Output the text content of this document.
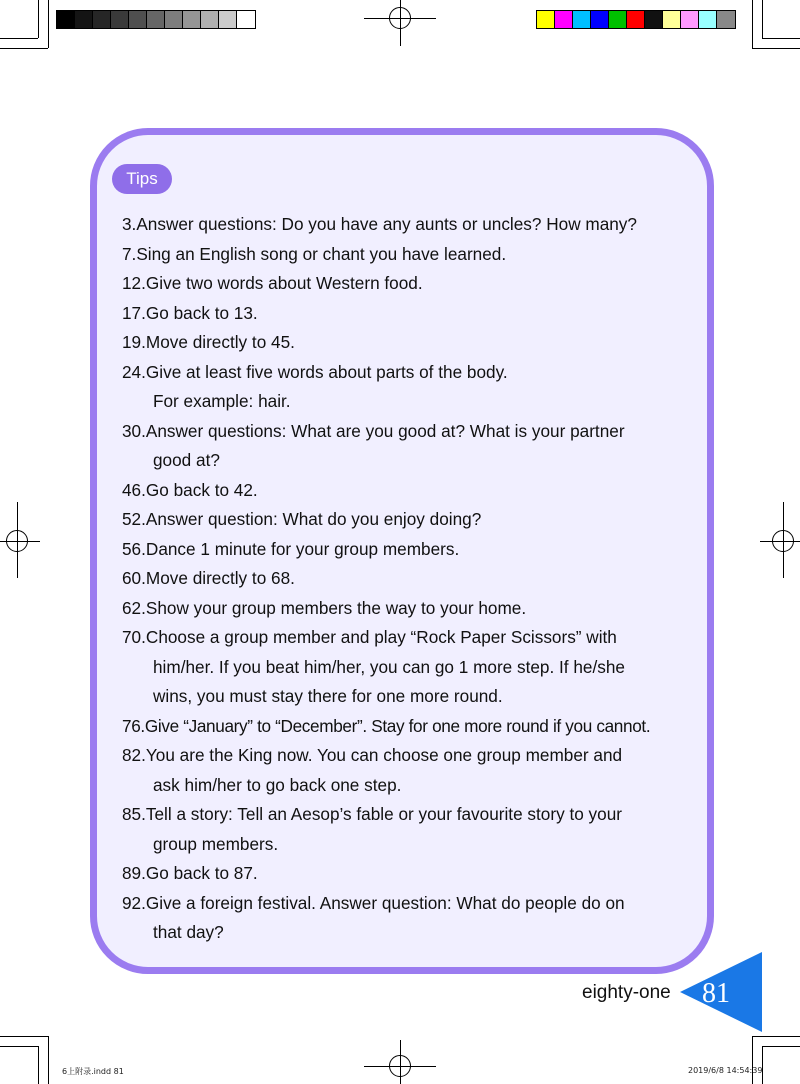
Tips
3. Answer questions: Do you have any aunts or uncles? How many?
7. Sing an English song or chant you have learned.
12. Give two words about Western food.
17. Go back to 13.
19. Move directly to 45.
24. Give at least five words about parts of the body.
For example: hair.
30. Answer questions: What are you good at? What is your partner
good at?
46. Go back to 42.
52. Answer question: What do you enjoy doing?
56. Dance 1 minute for your group members.
60. Move directly to 68.
62. Show your group members the way to your home.
70. Choose a group member and play “Rock Paper Scissors” with
him/her. If you beat him/her, you can go 1 more step. If he/she
wins, you must stay there for one more round.
76. Give “January” to “December”. Stay for one more round if you cannot.
82. You are the King now. You can choose one group member and
ask him/her to go back one step.
85. Tell a story: Tell an Aesop’s fable or your favourite story to your
group members.
89. Go back to 87.
92. Give a foreign festival. Answer question: What do people do on
that day?
eighty-one 81
6上附录.indd 81	2019/6/8 14:54:39
